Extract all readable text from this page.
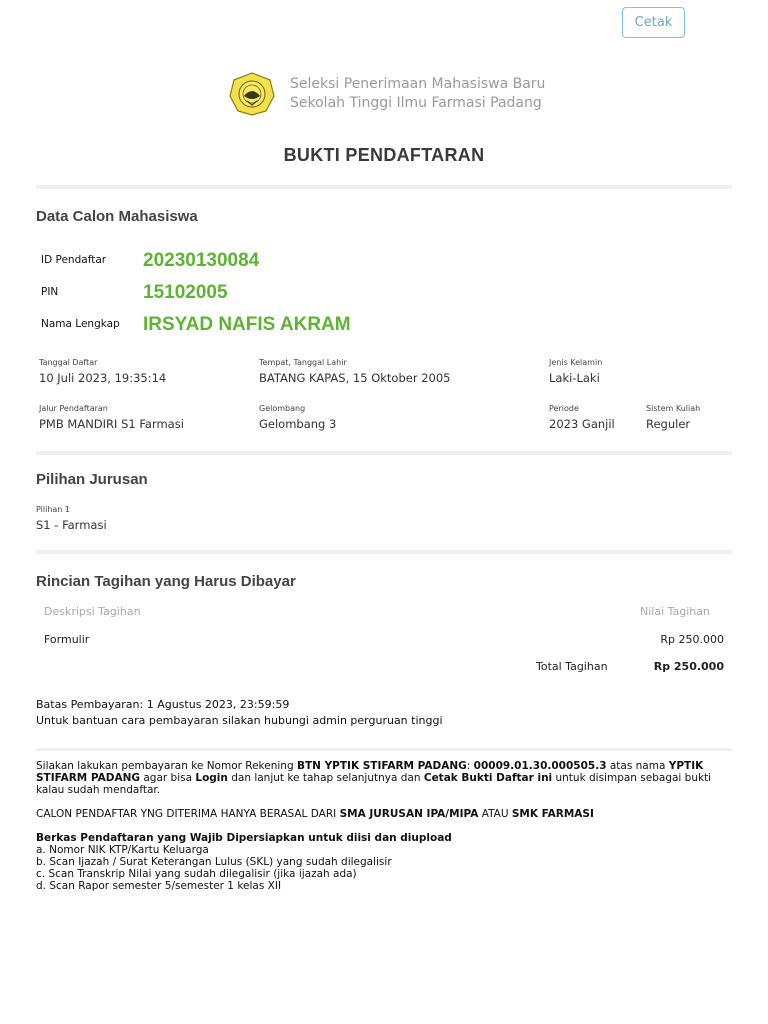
Cetak
Seleksi Penerimaan Mahasiswa Baru
Sekolah Tinggi Ilmu Farmasi Padang
BUKTI PENDAFTARAN
Data Calon Mahasiswa
ID Pendaftar 20230130084
PIN	15102005
Nama Lengkap IRSYAD NAFIS AKRAM
Tanggal Daftar
10 Juli 2023, 19:35:14
Tempat, Tanggal Lahir
BATANG KAPAS, 15 Oktober 2005
Jenis Kelamin
Laki-Laki
Jalur Pendaftaran
PMB MANDIRI S1 Farmasi
Gelombang
Gelombang 3
Periode
2023 Ganjil
Sistem Kuliah
Reguler
Pilihan Jurusan
Pilihan 1
S1 - Farmasi
Rincian Tagihan yang Harus Dibayar
Deskripsi Tagihan	Nilai Tagihan
Formulir	Rp 250.000
Total Tagihan	Rp 250.000
Batas Pembayaran: 1 Agustus 2023, 23:59:59
Untuk bantuan cara pembayaran silakan hubungi admin perguruan tinggi

Silakan lakukan pembayaran ke Nomor Rekening BTN YPTIK STIFARM PADANG: 00009.01.30.000505.3 atas nama YPTIK STIFARM PADANG agar bisa Login dan lanjut ke tahap selanjutnya dan Cetak Bukti Daftar ini untuk disimpan sebagai bukti kalau sudah mendaftar.

CALON PENDAFTAR YNG DITERIMA HANYA BERASAL DARI SMA JURUSAN IPA/MIPA ATAU SMK FARMASI

Berkas Pendaftaran yang Wajib Dipersiapkan untuk diisi dan diupload
a. Nomor NIK KTP/Kartu Keluarga
b. Scan Ijazah / Surat Keterangan Lulus (SKL) yang sudah dilegalisir
c. Scan Transkrip Nilai yang sudah dilegalisir (jika ijazah ada)
d. Scan Rapor semester 5/semester 1 kelas XII
